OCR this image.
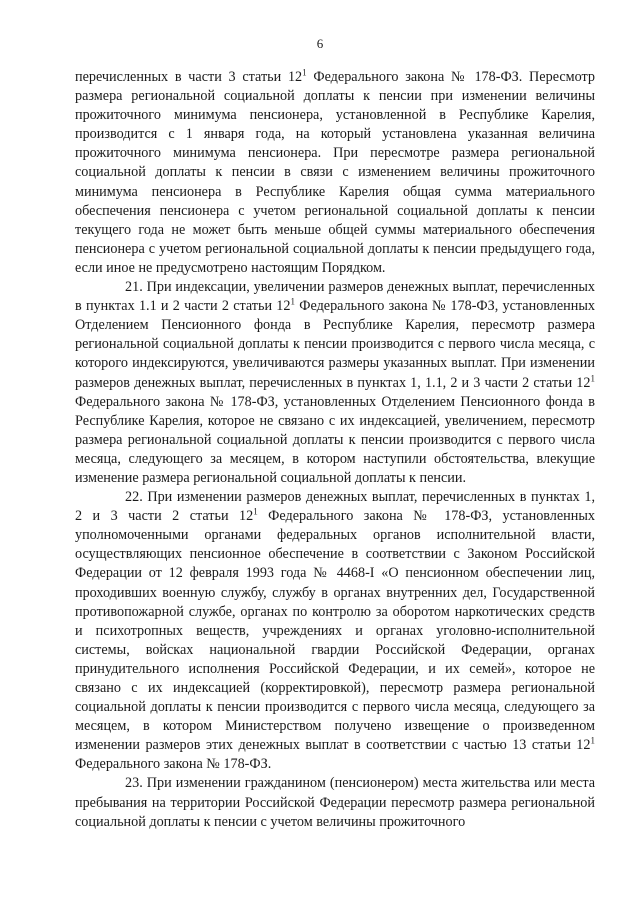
6

перечисленных в части 3 статьи $12^1$ Федерального закона № 178-ФЗ. Пересмотр размера региональной социальной доплаты к пенсии при изменении величины прожиточного минимума пенсионера, установленной в Республике Карелия, производится с 1 января года, на который установлена указанная величина прожиточного минимума пенсионера. При пересмотре размера региональной социальной доплаты к пенсии в связи с изменением величины прожиточного минимума пенсионера в Республике Карелия общая сумма материального обеспечения пенсионера с учетом региональной социальной доплаты к пенсии текущего года не может быть меньше общей суммы материального обеспечения пенсионера с учетом региональной социальной доплаты к пенсии предыдущего года, если иное не предусмотрено настоящим Порядком.

21. При индексации, увеличении размеров денежных выплат, перечисленных в пунктах 1.1 и 2 части 2 статьи $12^1$ Федерального закона № 178-ФЗ, установленных Отделением Пенсионного фонда в Республике Карелия, пересмотр размера региональной социальной доплаты к пенсии производится с первого числа месяца, с которого индексируются, увеличиваются размеры указанных выплат. При изменении размеров денежных выплат, перечисленных в пунктах 1, 1.1, 2 и 3 части 2 статьи $12^1$ Федерального закона № 178-ФЗ, установленных Отделением Пенсионного фонда в Республике Карелия, которое не связано с их индексацией, увеличением, пересмотр размера региональной социальной доплаты к пенсии производится с первого числа месяца, следующего за месяцем, в котором наступили обстоятельства, влекущие изменение размера региональной социальной доплаты к пенсии.

22. При изменении размеров денежных выплат, перечисленных в пунктах 1, 2 и 3 части 2 статьи $12^1$ Федерального закона № 178-ФЗ, установленных уполномоченными органами федеральных органов исполнительной власти, осуществляющих пенсионное обеспечение в соответствии с Законом Российской Федерации от 12 февраля 1993 года № 4468-I «О пенсионном обеспечении лиц, проходивших военную службу, службу в органах внутренних дел, Государственной противопожарной службе, органах по контролю за оборотом наркотических средств и психотропных веществ, учреждениях и органах уголовно-исполнительной системы, войсках национальной гвардии Российской Федерации, органах принудительного исполнения Российской Федерации, и их семей», которое не связано с их индексацией (корректировкой), пересмотр размера региональной социальной доплаты к пенсии производится с первого числа месяца, следующего за месяцем, в котором Министерством получено извещение о произведенном изменении размеров этих денежных выплат в соответствии с частью 13 статьи $12^1$ Федерального закона № 178-ФЗ.

23. При изменении гражданином (пенсионером) места жительства или места пребывания на территории Российской Федерации пересмотр размера региональной социальной доплаты к пенсии с учетом величины прожиточного
